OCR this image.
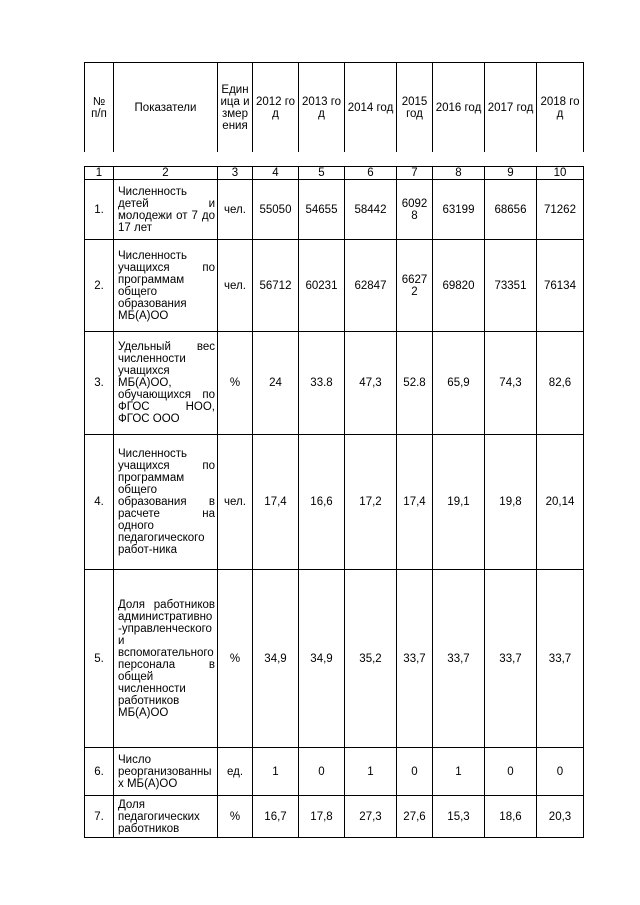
№ п/п	Показатели	Единица измерения	2012 год	2013 год	2014 год	2015 год	2016 год	2017 год	2018 год
1	2	3	4	5	6	7	8	9	10
1.	Численность детей и молодежи от 7 до 17 лет	чел.	55050	54655	58442	60928	63199	68656	71262
2.	Численность учащихся по программам общего образования МБ(А)ОО	чел.	56712	60231	62847	66272	69820	73351	76134
3.	Удельный вес численности учащихся МБ(А)ОО, обучающихся по ФГОС НОО, ФГОС ООО	%	24	33.8	47,3	52.8	65,9	74,3	82,6
4.	Численность учащихся по программам общего образования в расчете на одного педагогического работ-ника	чел.	17,4	16,6	17,2	17,4	19,1	19,8	20,14
5.	Доля работников административно-управленческого и вспомогательного персонала в общей численности работников МБ(А)ОО	%	34,9	34,9	35,2	33,7	33,7	33,7	33,7
6.	Число реорганизованных МБ(А)ОО	ед.	1	0	1	0	1	0	0
7.	Доля педагогических работников	%	16,7	17,8	27,3	27,6	15,3	18,6	20,3
